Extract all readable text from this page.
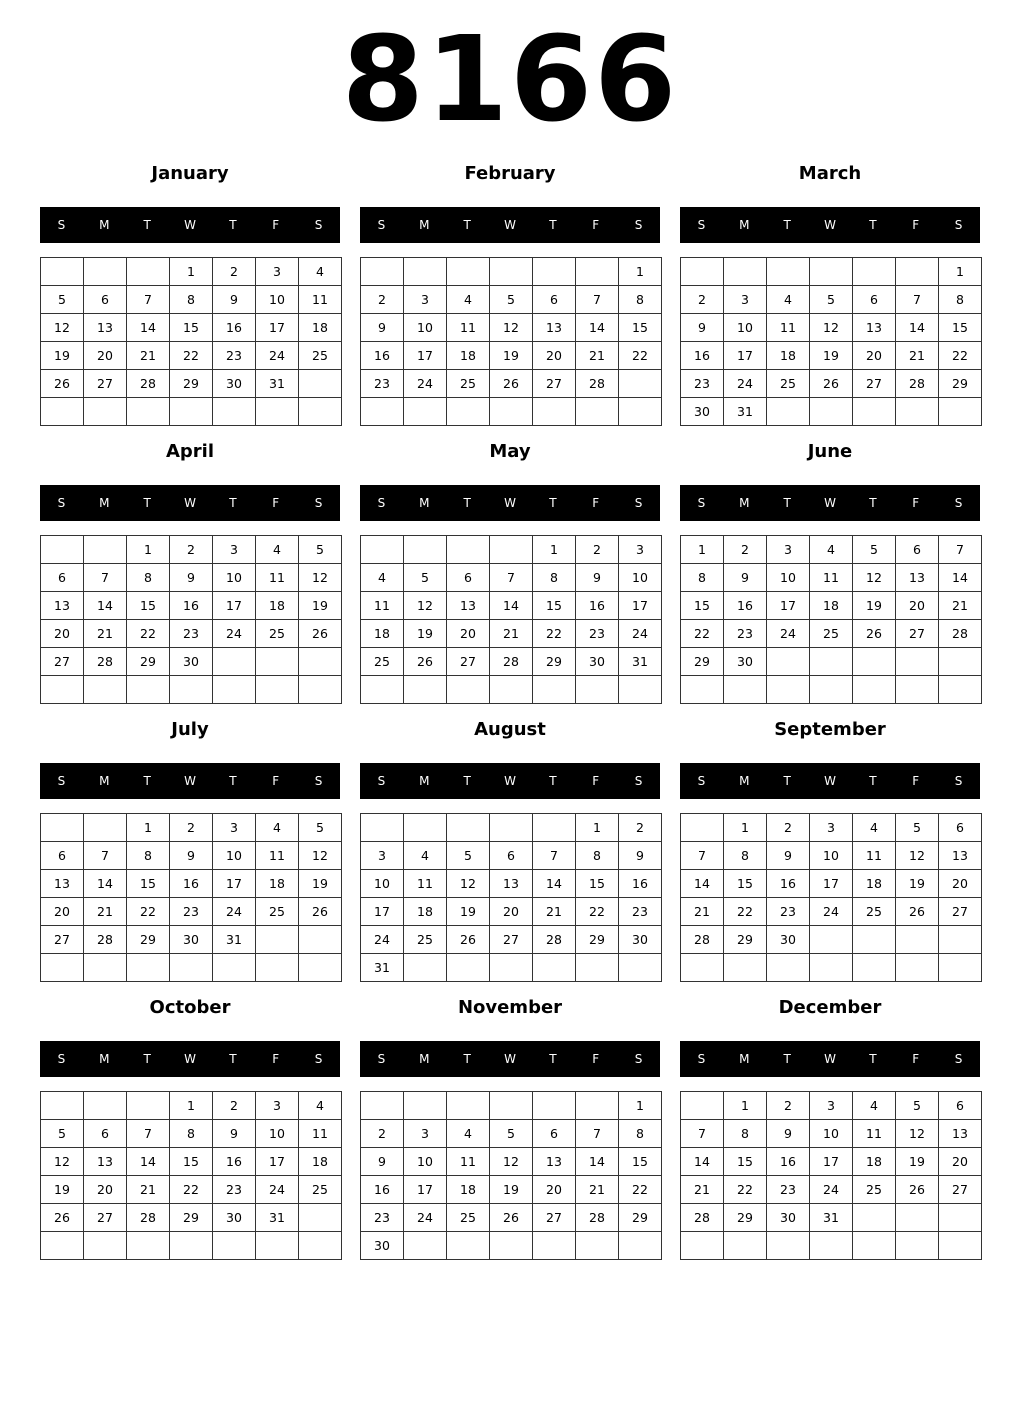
8166
January
S	M	T	W	T	F	S
			1	2	3	4
5	6	7	8	9	10	11
12	13	14	15	16	17	18
19	20	21	22	23	24	25
26	27	28	29	30	31	

February
S	M	T	W	T	F	S
						1
2	3	4	5	6	7	8
9	10	11	12	13	14	15
16	17	18	19	20	21	22
23	24	25	26	27	28	

March
S	M	T	W	T	F	S
						1
2	3	4	5	6	7	8
9	10	11	12	13	14	15
16	17	18	19	20	21	22
23	24	25	26	27	28	29
30	31					
April
S	M	T	W	T	F	S
		1	2	3	4	5
6	7	8	9	10	11	12
13	14	15	16	17	18	19
20	21	22	23	24	25	26
27	28	29	30			

May
S	M	T	W	T	F	S
				1	2	3
4	5	6	7	8	9	10
11	12	13	14	15	16	17
18	19	20	21	22	23	24
25	26	27	28	29	30	31

June
S	M	T	W	T	F	S
1	2	3	4	5	6	7
8	9	10	11	12	13	14
15	16	17	18	19	20	21
22	23	24	25	26	27	28
29	30					

July
S	M	T	W	T	F	S
		1	2	3	4	5
6	7	8	9	10	11	12
13	14	15	16	17	18	19
20	21	22	23	24	25	26
27	28	29	30	31		

August
S	M	T	W	T	F	S
					1	2
3	4	5	6	7	8	9
10	11	12	13	14	15	16
17	18	19	20	21	22	23
24	25	26	27	28	29	30
31						
September
S	M	T	W	T	F	S
	1	2	3	4	5	6
7	8	9	10	11	12	13
14	15	16	17	18	19	20
21	22	23	24	25	26	27
28	29	30				

October
S	M	T	W	T	F	S
			1	2	3	4
5	6	7	8	9	10	11
12	13	14	15	16	17	18
19	20	21	22	23	24	25
26	27	28	29	30	31	

November
S	M	T	W	T	F	S
						1
2	3	4	5	6	7	8
9	10	11	12	13	14	15
16	17	18	19	20	21	22
23	24	25	26	27	28	29
30						
December
S	M	T	W	T	F	S
	1	2	3	4	5	6
7	8	9	10	11	12	13
14	15	16	17	18	19	20
21	22	23	24	25	26	27
28	29	30	31			
